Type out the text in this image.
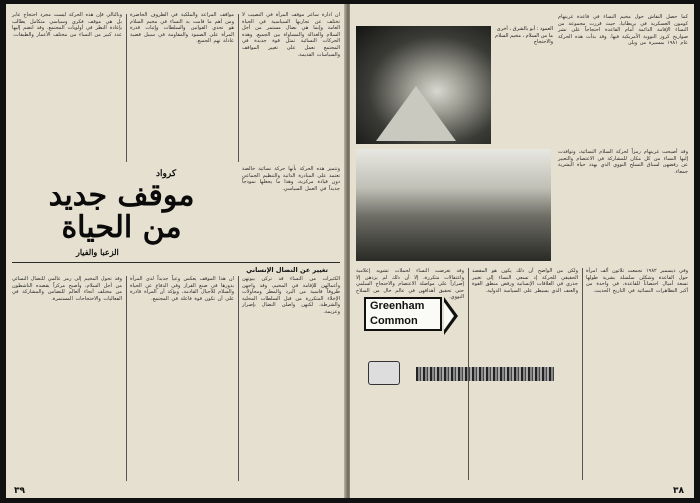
ان ادارة ساعر موقف المرأة في النصيب لا تختلف عن تجاربها السياسية في الحياة العامة وإنما هي نضال مستمر من أجل السلام والعدالة والمساواة بين الجميع. وهذه الحركات النسائية تمثل قوة جديدة في المجتمع تعمل على تغيير المواقف والسياسات القديمة.
مواقف المراعة والملكية في الظروف الحاضرة ومن أهم ما قامت به النساء في مخيم السلام هو تحدي القوانين والسلطات وإثبات قدرة المرأة على الصمود والمقاومة في سبيل قضية عادلة تهم الجميع.
وبالتالي فإن هذه الحركة ليست مجرد احتجاج عابر بل هي موقف فكري وسياسي متكامل يطالب بإعادة النظر في أولويات المجتمع. وقد انضم إليها عدد كبير من النساء من مختلف الأعمار والطبقات.
وتتميز هذه الحركة بأنها حركة نسائية خالصة تعتمد على المبادرة الذاتية والتنظيم الجماعي دون قيادة مركزية، وهذا ما يجعلها نموذجاً جديداً في العمل السياسي.
كرواد
موقف جديد
من الحياة
الزعبا والفيار
تغيير عن النضال الإنساني
الكثيرات من النساء قد تركن بيوتهن وأعمالهن للإقامة في المخيم، وقد واجهن ظروفاً قاسية من البرد والمطر ومحاولات الإخلاء المتكررة من قبل السلطات المحلية والشرطة، لكنهن واصلن النضال بإصرار وعزيمة.
ان هذا الموقف يعكس وعياً جديداً لدى المرأة بدورها في صنع القرار وفي الدفاع عن الحياة والسلام للأجيال القادمة، ويؤكد أن المرأة قادرة على أن تكون قوة فاعلة في المجتمع.
وقد تحول المخيم إلى رمز عالمي للنضال النسائي من أجل السلام، وأصبح مركزاً يقصده الناشطون من مختلف أنحاء العالم للتضامن والمشاركة في الفعاليات والاحتجاجات المستمرة.
٣٩
العمود : أبو بالشرق ، أخرى ما من السلام ، مخيم السلام والاحتجاج
كما حصل النقاش حول مخيم النساء في قاعدة غرينهام كومون العسكرية في بريطانيا، حيث قررت مجموعة من النساء الإقامة الدائمة أمام القاعدة احتجاجاً على نشر صواريخ كروز النووية الأمريكية فيها. وقد بدأت هذه الحركة عام ١٩٨١ بمسيرة من ويلز.
وقد أصبحت غرينهام رمزاً لحركة السلام النسائية، وتوافدت إليها النساء من كل مكان للمشاركة في الاعتصام والتعبير عن رفضهن لسباق التسلح النووي الذي يهدد حياة البشرية جمعاء.
Greenham
Common
وفي ديسمبر ١٩٨٢ تجمعت ثلاثون ألف امرأة حول القاعدة وشكلن سلسلة بشرية طولها تسعة أميال احتضاناً للقاعدة، في واحدة من أكبر التظاهرات النسائية في التاريخ الحديث.
ولكن من الواضح أن ذلك يكون هو المقصد الحقيقي للحركة إذ تسعى النساء إلى تغيير جذري في العلاقات الإنسانية ورفض منطق القوة والعنف الذي يسيطر على السياسة الدولية.
وقد تعرضت النساء لحملات تشويه إعلامية واعتقالات متكررة، إلا أن ذلك لم يزدهن إلا إصراراً على مواصلة الاعتصام والاحتجاج السلمي حتى تحقيق أهدافهن في عالم خال من السلاح النووي.
٣٨
